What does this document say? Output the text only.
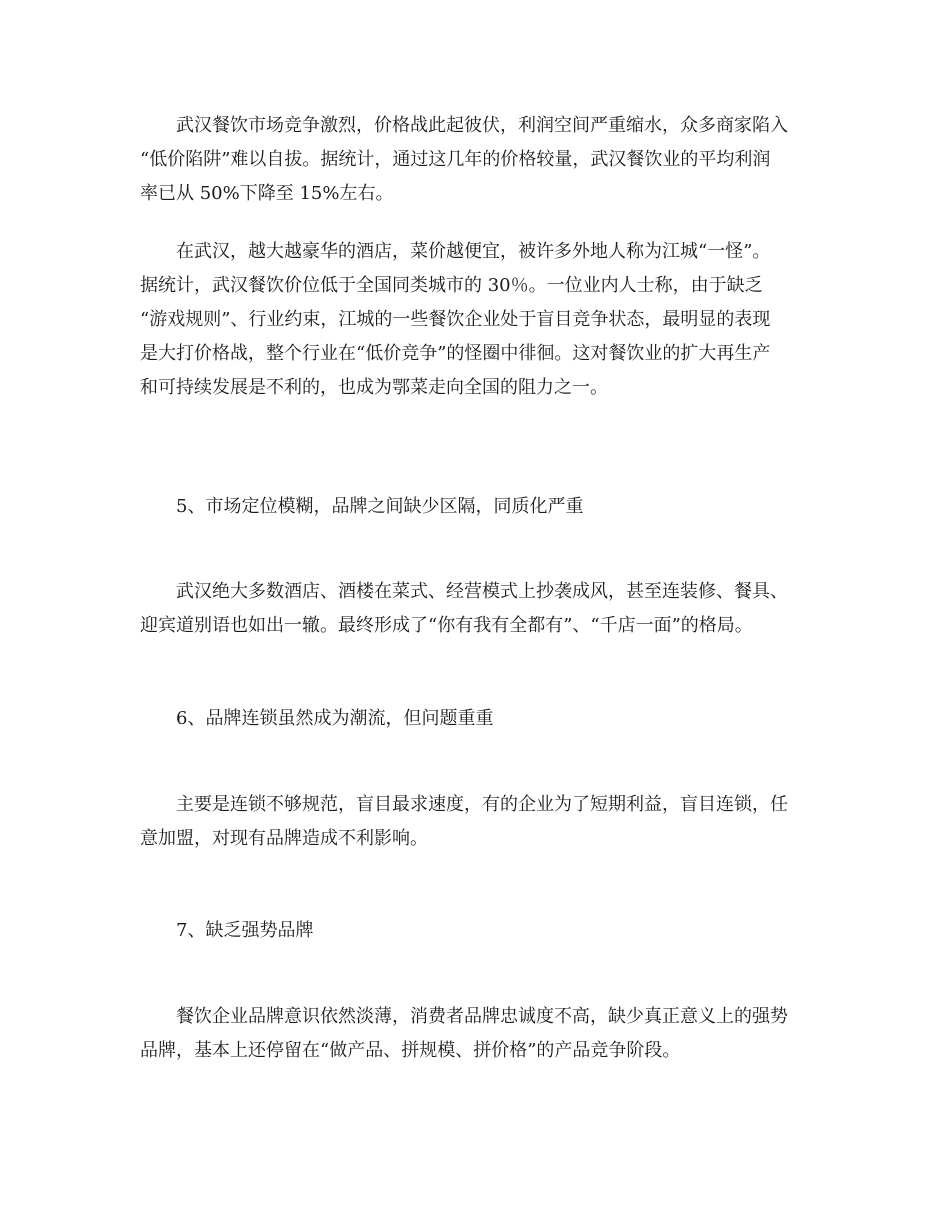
武汉餐饮市场竞争激烈，价格战此起彼伏，利润空间严重缩水，众多商家陷入
“低价陷阱”难以自拔。据统计，通过这几年的价格较量，武汉餐饮业的平均利润
率已从 50%下降至 15%左右。
在武汉，越大越豪华的酒店，菜价越便宜，被许多外地人称为江城“一怪”。
据统计，武汉餐饮价位低于全国同类城市的 30％。一位业内人士称，由于缺乏
“游戏规则”、行业约束，江城的一些餐饮企业处于盲目竞争状态，最明显的表现
是大打价格战，整个行业在“低价竞争”的怪圈中徘徊。这对餐饮业的扩大再生产
和可持续发展是不利的，也成为鄂菜走向全国的阻力之一。
5、市场定位模糊，品牌之间缺少区隔，同质化严重
武汉绝大多数酒店、酒楼在菜式、经营模式上抄袭成风，甚至连装修、餐具、
迎宾道别语也如出一辙。最终形成了“你有我有全都有”、“千店一面”的格局。
6、品牌连锁虽然成为潮流，但问题重重
主要是连锁不够规范，盲目最求速度，有的企业为了短期利益，盲目连锁，任
意加盟，对现有品牌造成不利影响。
7、缺乏强势品牌
餐饮企业品牌意识依然淡薄，消费者品牌忠诚度不高，缺少真正意义上的强势
品牌，基本上还停留在“做产品、拼规模、拼价格”的产品竞争阶段。
